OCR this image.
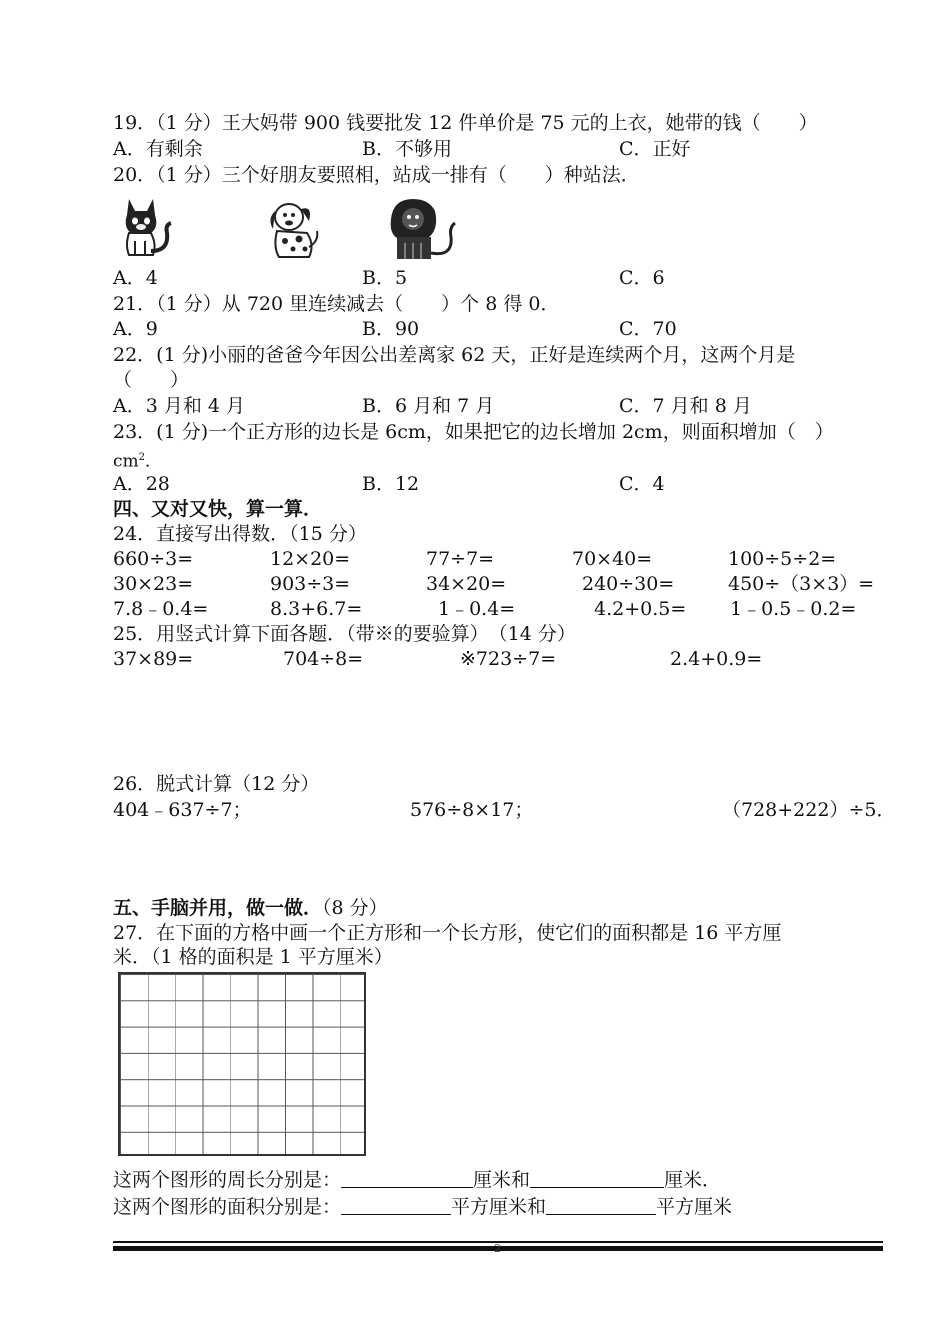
19．（1 分）王大妈带 900 钱要批发 12 件单价是 75 元的上衣，她带的钱（　　）
A．有剩余	B．不够用	C．正好
20．（1 分）三个好朋友要照相，站成一排有（　　）种站法．
A．4	B．5	C．6
21．（1 分）从 720 里连续减去（　　）个 8 得 0．
A．9	B．90	C．70
22．(1 分)小丽的爸爸今年因公出差离家 62 天，正好是连续两个月，这两个月是
（　　）
A．3 月和 4 月	B．6 月和 7 月	C．7 月和 8 月
23．(1 分)一个正方形的边长是 6cm，如果把它的边长增加 2cm，则面积增加（　）
$cm^2$．
A．28	B．12	C．4
四、又对又快，算一算．
24．直接写出得数．（15 分）
660÷3=	12×20=	77÷7=	70×40=	100÷5÷2=
30×23=	903÷3=	34×20=	240÷30=	450÷（3×3）=
7.8﹣0.4=	8.3+6.7=	1﹣0.4=	4.2+0.5= 1﹣0.5﹣0.2=
25．用竖式计算下面各题．（带※的要验算）　（14 分）
37×89=	704÷8=	※723÷7=	2.4+0.9=
26．脱式计算（12 分）
404﹣637÷7；	576÷8×17；	（728+222）÷5．
五、手脑并用，做一做．（8 分）
27．在下面的方格中画一个正方形和一个长方形，使它们的面积都是 16 平方厘
米．（1 格的面积是 1 平方厘米）
这两个图形的周长分别是：	厘米和	厘米．
这两个图形的面积分别是：	平方厘米和	平方厘米
2
